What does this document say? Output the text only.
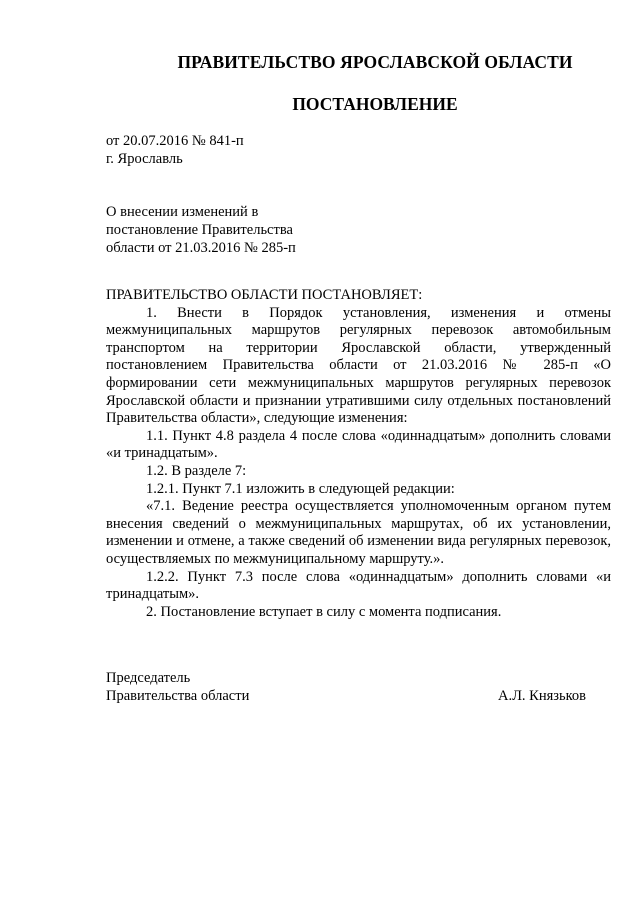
ПРАВИТЕЛЬСТВО ЯРОСЛАВСКОЙ ОБЛАСТИ
ПОСТАНОВЛЕНИЕ
от 20.07.2016 № 841-п
г. Ярославль
О внесении изменений в
постановление Правительства
области от 21.03.2016 № 285-п

ПРАВИТЕЛЬСТВО ОБЛАСТИ ПОСТАНОВЛЯЕТ:

1. Внести в Порядок установления, изменения и отмены межмуниципальных маршрутов регулярных перевозок автомобильным транспортом на территории Ярославской области, утвержденный постановлением Правительства области от 21.03.2016 № 285-п «О формировании сети межмуниципальных маршрутов регулярных перевозок Ярославской области и признании утратившими силу отдельных постановлений Правительства области», следующие изменения:

1.1. Пункт 4.8 раздела 4 после слова «одиннадцатым» дополнить словами «и тринадцатым».

1.2. В разделе 7:

1.2.1. Пункт 7.1 изложить в следующей редакции:

«7.1. Ведение реестра осуществляется уполномоченным органом путем внесения сведений о межмуниципальных маршрутах, об их установлении, изменении и отмене, а также сведений об изменении вида регулярных перевозок, осуществляемых по межмуниципальному маршруту.».

1.2.2. Пункт 7.3 после слова «одиннадцатым» дополнить словами «и тринадцатым».

2. Постановление вступает в силу с момента подписания.

Председатель
Правительства области	А.Л. Князьков
